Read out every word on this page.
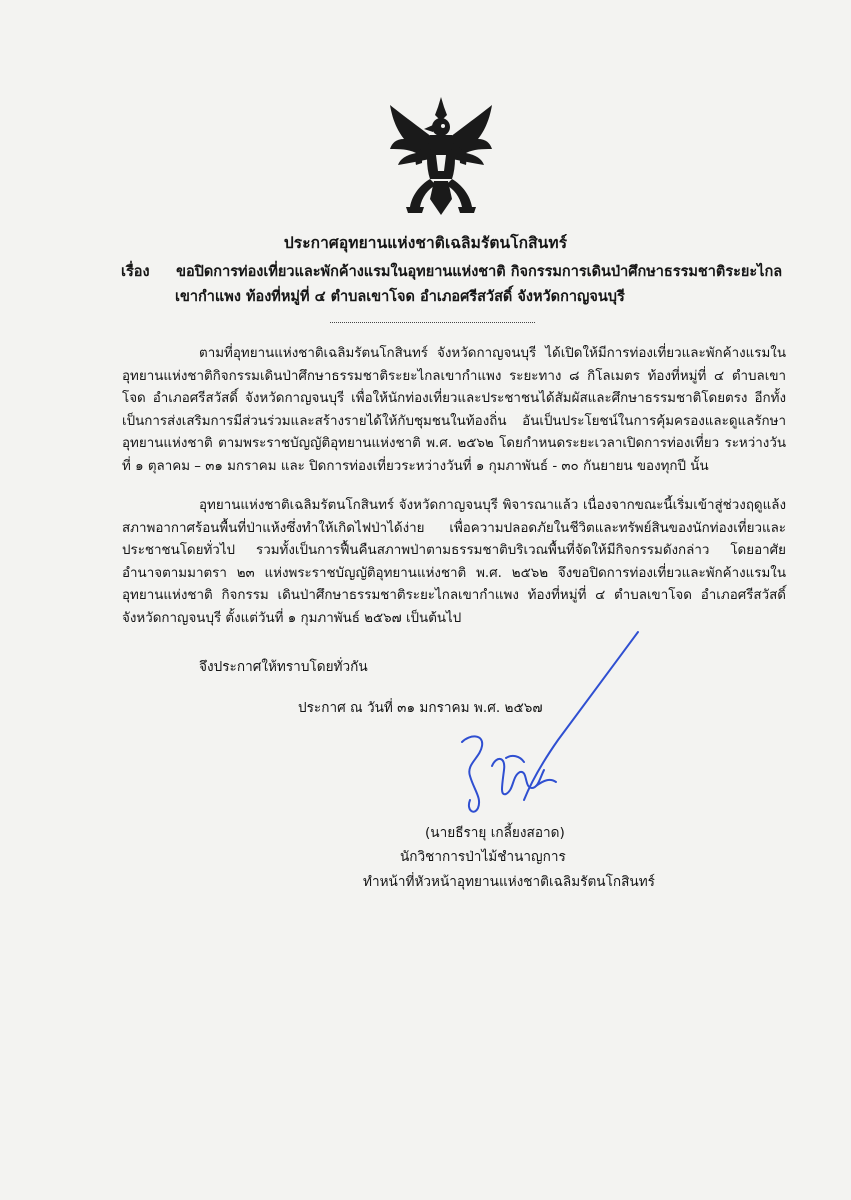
ประกาศอุทยานแห่งชาติเฉลิมรัตนโกสินทร์
เรื่อง ขอปิดการท่องเที่ยวและพักค้างแรมในอุทยานแห่งชาติ กิจกรรมการเดินป่าศึกษาธรรมชาติระยะไกล
เขากำแพง ท้องที่หมู่ที่ ๔ ตำบลเขาโจด อำเภอศรีสวัสดิ์ จังหวัดกาญจนบุรี
ตามที่อุทยานแห่งชาติเฉลิมรัตนโกสินทร์ จังหวัดกาญจนบุรี ได้เปิดให้มีการท่องเที่ยวและพักค้างแรมในอุทยานแห่งชาติกิจกรรมเดินป่าศึกษาธรรมชาติระยะไกลเขากำแพง ระยะทาง ๘ กิโลเมตร ท้องที่หมู่ที่ ๔ ตำบลเขาโจด อำเภอศรีสวัสดิ์ จังหวัดกาญจนบุรี เพื่อให้นักท่องเที่ยวและประชาชนได้สัมผัสและศึกษาธรรมชาติโดยตรง อีกทั้งเป็นการส่งเสริมการมีส่วนร่วมและสร้างรายได้ให้กับชุมชนในท้องถิ่น อันเป็นประโยชน์ในการคุ้มครองและดูแลรักษาอุทยานแห่งชาติ ตามพระราชบัญญัติอุทยานแห่งชาติ พ.ศ. ๒๕๖๒ โดยกำหนดระยะเวลาเปิดการท่องเที่ยว ระหว่างวันที่ ๑ ตุลาคม – ๓๑ มกราคม และ ปิดการท่องเที่ยวระหว่างวันที่ ๑ กุมภาพันธ์ - ๓๐ กันยายน ของทุกปี นั้น
อุทยานแห่งชาติเฉลิมรัตนโกสินทร์ จังหวัดกาญจนบุรี พิจารณาแล้ว เนื่องจากขณะนี้เริ่มเข้าสู่ช่วงฤดูแล้ง สภาพอากาศร้อนพื้นที่ป่าแห้งซึ่งทำให้เกิดไฟป่าได้ง่าย เพื่อความปลอดภัยในชีวิตและทรัพย์สินของนักท่องเที่ยวและประชาชนโดยทั่วไป รวมทั้งเป็นการฟื้นคืนสภาพป่าตามธรรมชาติบริเวณพื้นที่จัดให้มีกิจกรรมดังกล่าว โดยอาศัยอำนาจตามมาตรา ๒๓ แห่งพระราชบัญญัติอุทยานแห่งชาติ พ.ศ. ๒๕๖๒ จึงขอปิดการท่องเที่ยวและพักค้างแรมในอุทยานแห่งชาติ กิจกรรม เดินป่าศึกษาธรรมชาติระยะไกลเขากำแพง ท้องที่หมู่ที่ ๔ ตำบลเขาโจด อำเภอศรีสวัสดิ์ จังหวัดกาญจนบุรี ตั้งแต่วันที่ ๑ กุมภาพันธ์ ๒๕๖๗ เป็นต้นไป
จึงประกาศให้ทราบโดยทั่วกัน
ประกาศ ณ วันที่ ๓๑ มกราคม พ.ศ. ๒๕๖๗
(นายธีรายุ เกลี้ยงสอาด)
นักวิชาการป่าไม้ชำนาญการ
ทำหน้าที่หัวหน้าอุทยานแห่งชาติเฉลิมรัตนโกสินทร์
